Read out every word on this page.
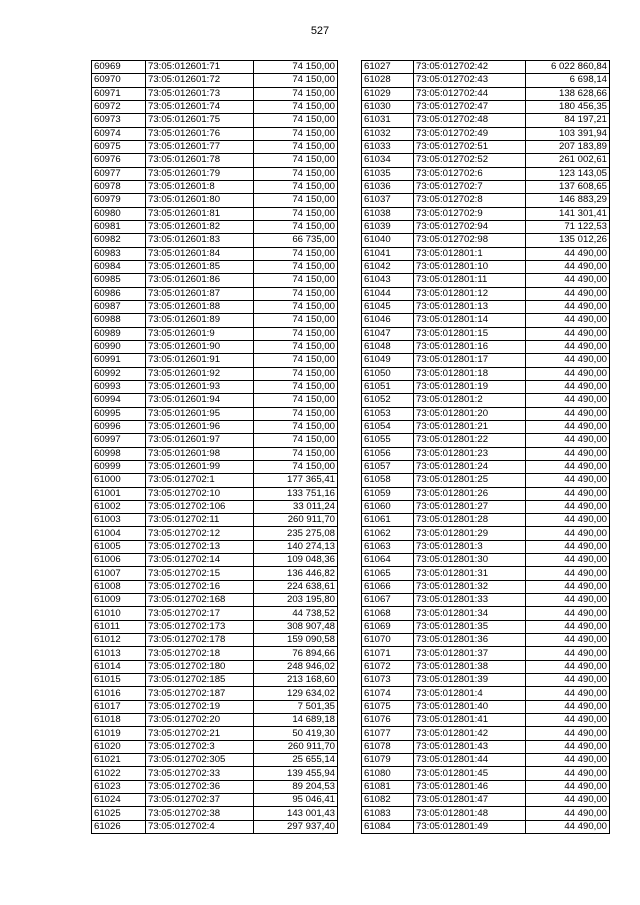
527
60969	73:05:012601:71	74 150,00
60970	73:05:012601:72	74 150,00
60971	73:05:012601:73	74 150,00
60972	73:05:012601:74	74 150,00
60973	73:05:012601:75	74 150,00
60974	73:05:012601:76	74 150,00
60975	73:05:012601:77	74 150,00
60976	73:05:012601:78	74 150,00
60977	73:05:012601:79	74 150,00
60978	73:05:012601:8	74 150,00
60979	73:05:012601:80	74 150,00
60980	73:05:012601:81	74 150,00
60981	73:05:012601:82	74 150,00
60982	73:05:012601:83	66 735,00
60983	73:05:012601:84	74 150,00
60984	73:05:012601:85	74 150,00
60985	73:05:012601:86	74 150,00
60986	73:05:012601:87	74 150,00
60987	73:05:012601:88	74 150,00
60988	73:05:012601:89	74 150,00
60989	73:05:012601:9	74 150,00
60990	73:05:012601:90	74 150,00
60991	73:05:012601:91	74 150,00
60992	73:05:012601:92	74 150,00
60993	73:05:012601:93	74 150,00
60994	73:05:012601:94	74 150,00
60995	73:05:012601:95	74 150,00
60996	73:05:012601:96	74 150,00
60997	73:05:012601:97	74 150,00
60998	73:05:012601:98	74 150,00
60999	73:05:012601:99	74 150,00
61000	73:05:012702:1	177 365,41
61001	73:05:012702:10	133 751,16
61002	73:05:012702:106	33 011,24
61003	73:05:012702:11	260 911,70
61004	73:05:012702:12	235 275,08
61005	73:05:012702:13	140 274,13
61006	73:05:012702:14	109 048,36
61007	73:05:012702:15	136 446,82
61008	73:05:012702:16	224 638,61
61009	73:05:012702:168	203 195,80
61010	73:05:012702:17	44 738,52
61011	73:05:012702:173	308 907,48
61012	73:05:012702:178	159 090,58
61013	73:05:012702:18	76 894,66
61014	73:05:012702:180	248 946,02
61015	73:05:012702:185	213 168,60
61016	73:05:012702:187	129 634,02
61017	73:05:012702:19	7 501,35
61018	73:05:012702:20	14 689,18
61019	73:05:012702:21	50 419,30
61020	73:05:012702:3	260 911,70
61021	73:05:012702:305	25 655,14
61022	73:05:012702:33	139 455,94
61023	73:05:012702:36	89 204,53
61024	73:05:012702:37	95 046,41
61025	73:05:012702:38	143 001,43
61026	73:05:012702:4	297 937,40
61027	73:05:012702:42	6 022 860,84
61028	73:05:012702:43	6 698,14
61029	73:05:012702:44	138 628,66
61030	73:05:012702:47	180 456,35
61031	73:05:012702:48	84 197,21
61032	73:05:012702:49	103 391,94
61033	73:05:012702:51	207 183,89
61034	73:05:012702:52	261 002,61
61035	73:05:012702:6	123 143,05
61036	73:05:012702:7	137 608,65
61037	73:05:012702:8	146 883,29
61038	73:05:012702:9	141 301,41
61039	73:05:012702:94	71 122,53
61040	73:05:012702:98	135 012,26
61041	73:05:012801:1	44 490,00
61042	73:05:012801:10	44 490,00
61043	73:05:012801:11	44 490,00
61044	73:05:012801:12	44 490,00
61045	73:05:012801:13	44 490,00
61046	73:05:012801:14	44 490,00
61047	73:05:012801:15	44 490,00
61048	73:05:012801:16	44 490,00
61049	73:05:012801:17	44 490,00
61050	73:05:012801:18	44 490,00
61051	73:05:012801:19	44 490,00
61052	73:05:012801:2	44 490,00
61053	73:05:012801:20	44 490,00
61054	73:05:012801:21	44 490,00
61055	73:05:012801:22	44 490,00
61056	73:05:012801:23	44 490,00
61057	73:05:012801:24	44 490,00
61058	73:05:012801:25	44 490,00
61059	73:05:012801:26	44 490,00
61060	73:05:012801:27	44 490,00
61061	73:05:012801:28	44 490,00
61062	73:05:012801:29	44 490,00
61063	73:05:012801:3	44 490,00
61064	73:05:012801:30	44 490,00
61065	73:05:012801:31	44 490,00
61066	73:05:012801:32	44 490,00
61067	73:05:012801:33	44 490,00
61068	73:05:012801:34	44 490,00
61069	73:05:012801:35	44 490,00
61070	73:05:012801:36	44 490,00
61071	73:05:012801:37	44 490,00
61072	73:05:012801:38	44 490,00
61073	73:05:012801:39	44 490,00
61074	73:05:012801:4	44 490,00
61075	73:05:012801:40	44 490,00
61076	73:05:012801:41	44 490,00
61077	73:05:012801:42	44 490,00
61078	73:05:012801:43	44 490,00
61079	73:05:012801:44	44 490,00
61080	73:05:012801:45	44 490,00
61081	73:05:012801:46	44 490,00
61082	73:05:012801:47	44 490,00
61083	73:05:012801:48	44 490,00
61084	73:05:012801:49	44 490,00
